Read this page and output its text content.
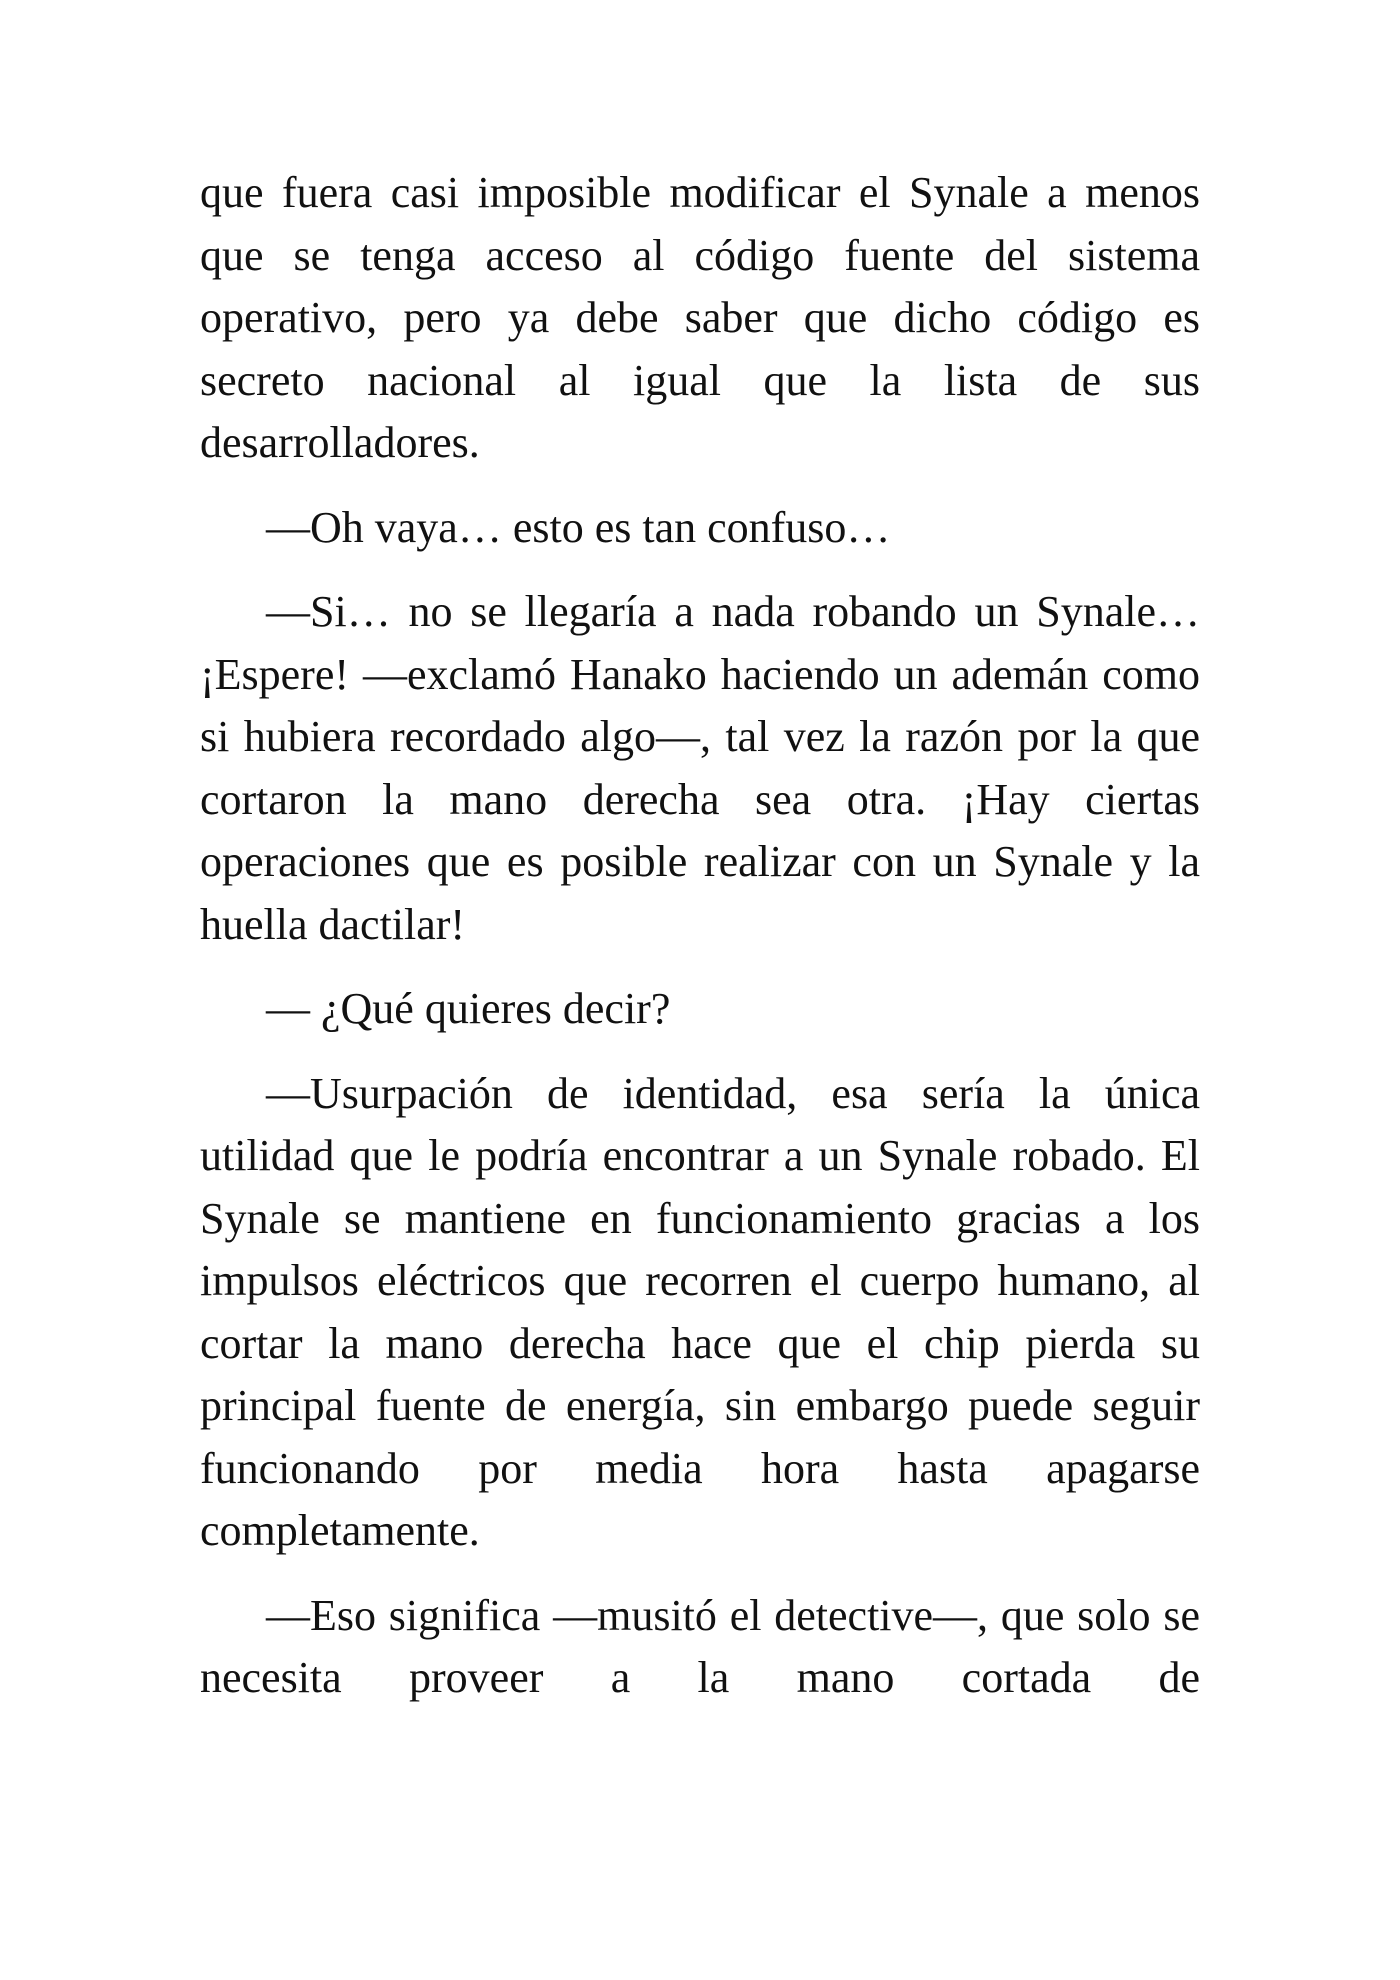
que fuera casi imposible modificar el Synale a menos que se tenga acceso al código fuente del sistema operativo, pero ya debe saber que dicho código es secreto nacional al igual que la lista de sus desarrolladores.

—Oh vaya… esto es tan confuso…

—Si… no se llegaría a nada robando un Synale… ¡Espere! —exclamó Hanako haciendo un ademán como si hubiera recordado algo—, tal vez la razón por la que cortaron la mano derecha sea otra. ¡Hay ciertas operaciones que es posible realizar con un Synale y la huella dactilar!

— ¿Qué quieres decir?

—Usurpación de identidad, esa sería la única utilidad que le podría encontrar a un Synale robado. El Synale se mantiene en funcionamiento gracias a los impulsos eléctricos que recorren el cuerpo humano, al cortar la mano derecha hace que el chip pierda su principal fuente de energía, sin embargo puede seguir funcionando por media hora hasta apagarse completamente.

—Eso significa —musitó el detective—, que solo se necesita proveer a la mano cortada de
